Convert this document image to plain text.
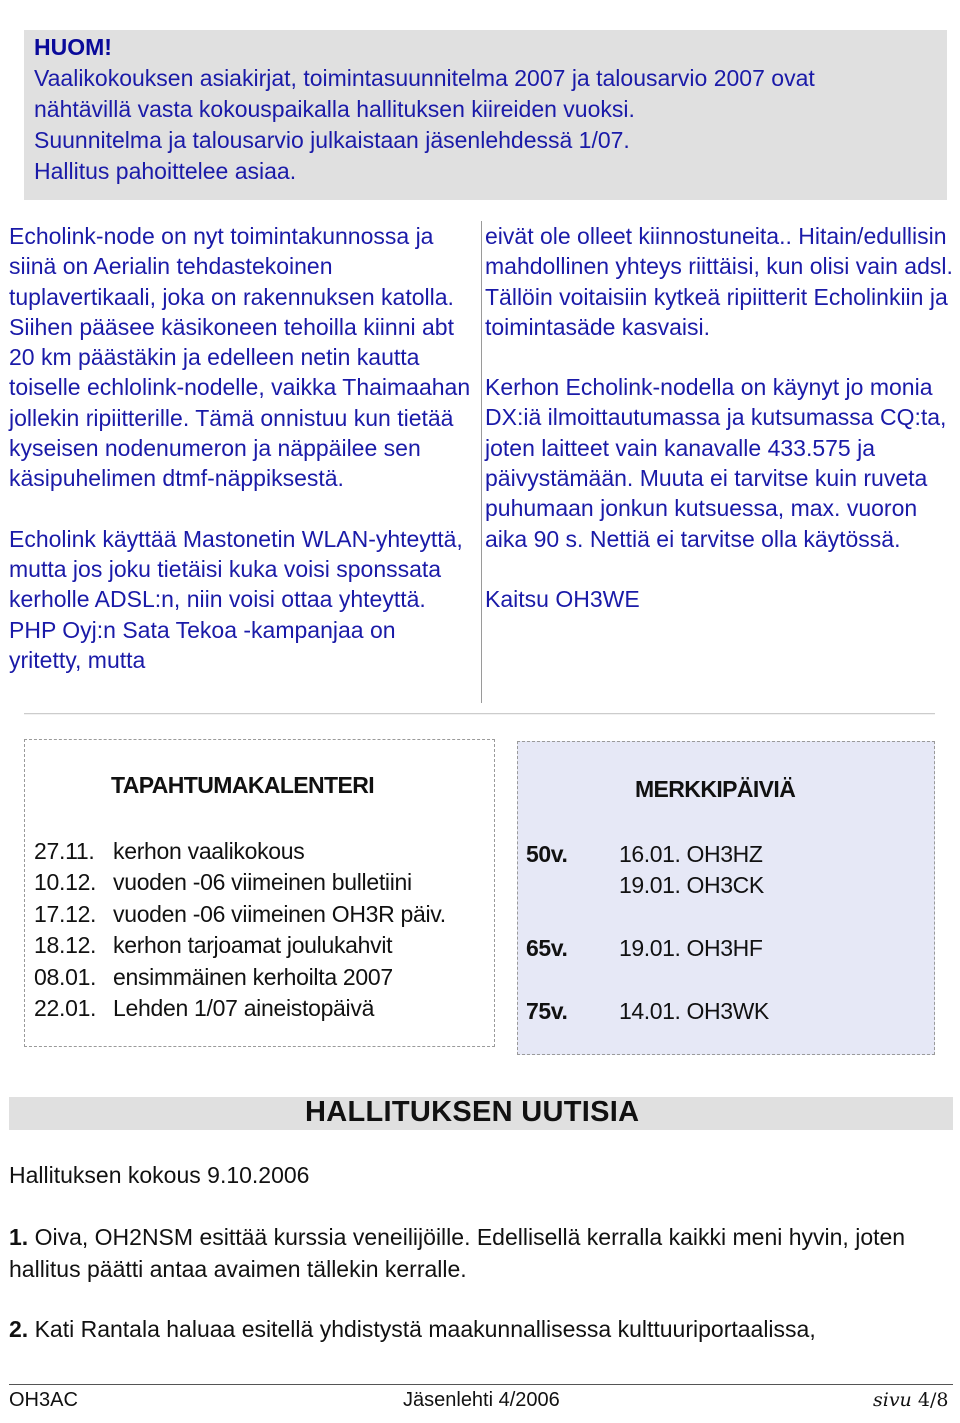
HUOM!
Vaalikokouksen asiakirjat, toimintasuunnitelma 2007 ja talousarvio 2007 ovat
nähtävillä vasta kokouspaikalla hallituksen kiireiden vuoksi.
Suunnitelma ja talousarvio julkaistaan jäsenlehdessä 1/07.
Hallitus pahoittelee asiaa.

Echolink-node on nyt toimintakunnossa ja siinä on Aerialin tehdastekoinen tuplavertikaali, joka on rakennuksen katolla. Siihen pääsee käsikoneen tehoilla kiinni abt 20 km päästäkin ja edelleen netin kautta toiselle echlolink-nodelle, vaikka Thaimaahan jollekin ripiitterille. Tämä onnistuu kun tietää kyseisen nodenumeron ja näppäilee sen käsipuhelimen dtmf-näppiksestä.

Echolink käyttää Mastonetin WLAN-yhteyttä, mutta jos joku tietäisi kuka voisi sponssata kerholle ADSL:n, niin voisi ottaa yhteyttä. PHP Oyj:n Sata Tekoa -kampanjaa on yritetty, mutta

eivät ole olleet kiinnostuneita.. Hitain/edullisin mahdollinen yhteys riittäisi, kun olisi vain adsl. Tällöin voitaisiin kytkeä ripiitterit Echolinkiin ja toimintasäde kasvaisi.

Kerhon Echolink-nodella on käynyt jo monia DX:iä ilmoittautumassa ja kutsumassa CQ:ta, joten laitteet vain kanavalle 433.575 ja päivystämään. Muuta ei tarvitse kuin ruveta puhumaan jonkun kutsuessa, max. vuoron aika 90 s. Nettiä ei tarvitse olla käytössä.

Kaitsu OH3WE

TAPAHTUMAKALENTERI
27.11. kerhon vaalikokous
10.12. vuoden -06 viimeinen bulletiini
17.12. vuoden -06 viimeinen OH3R päiv.
18.12. kerhon tarjoamat joulukahvit
08.01. ensimmäinen kerhoilta 2007
22.01. Lehden 1/07 aineistopäivä
MERKKIPÄIVIÄ
50v. 16.01. OH3HZ
19.01. OH3CK
65v. 19.01. OH3HF
75v. 14.01. OH3WK
HALLITUKSEN UUTISIA
Hallituksen kokous 9.10.2006
1. Oiva, OH2NSM esittää kurssia veneilijöille. Edellisellä kerralla kaikki meni hyvin, joten hallitus päätti antaa avaimen tällekin kerralle.
2. Kati Rantala haluaa esitellä yhdistystä maakunnallisessa kulttuuriportaalissa,
OH3AC	Jäsenlehti 4/2006	sivu 4/8
